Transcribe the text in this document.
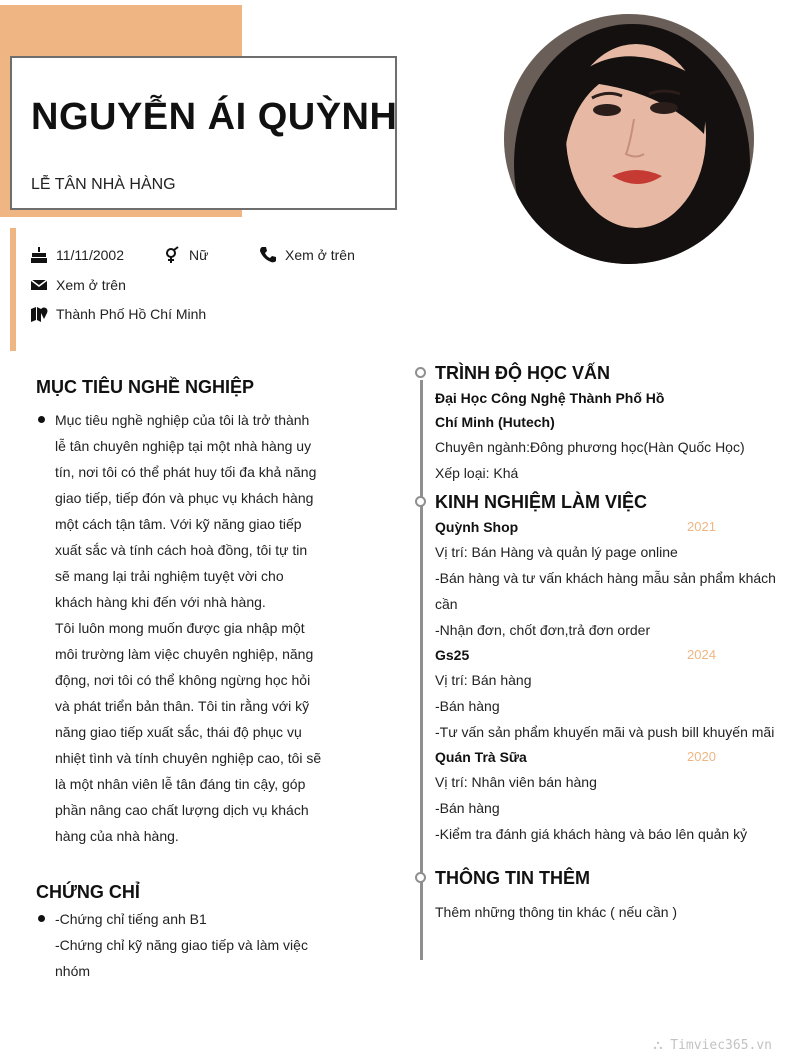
NGUYỄN ÁI QUỲNH
LỄ TÂN NHÀ HÀNG
11/11/2002	Nữ	Xem ở trên
Xem ở trên
Thành Phố Hồ Chí Minh
MỤC TIÊU NGHỀ NGHIỆP
Mục tiêu nghề nghiệp của tôi là trở thành
lễ tân chuyên nghiệp tại một nhà hàng uy
tín, nơi tôi có thể phát huy tối đa khả năng
giao tiếp, tiếp đón và phục vụ khách hàng
một cách tận tâm. Với kỹ năng giao tiếp
xuất sắc và tính cách hoà đồng, tôi tự tin
sẽ mang lại trải nghiệm tuyệt vời cho
khách hàng khi đến với nhà hàng.
Tôi luôn mong muốn được gia nhập một
môi trường làm việc chuyên nghiệp, năng
động, nơi tôi có thể không ngừng học hỏi
và phát triển bản thân. Tôi tin rằng với kỹ
năng giao tiếp xuất sắc, thái độ phục vụ
nhiệt tình và tính chuyên nghiệp cao, tôi sẽ
là một nhân viên lễ tân đáng tin cậy, góp
phần nâng cao chất lượng dịch vụ khách
hàng của nhà hàng.
CHỨNG CHỈ
-Chứng chỉ tiếng anh B1
-Chứng chỉ kỹ năng giao tiếp và làm việc
nhóm
TRÌNH ĐỘ HỌC VẤN
Đại Học Công Nghệ Thành Phố Hồ
Chí Minh (Hutech)
Chuyên ngành:Đông phương học(Hàn Quốc Học)
Xếp loại: Khá
KINH NGHIỆM LÀM VIỆC
Quỳnh Shop	2021
Vị trí: Bán Hàng và quản lý page online
-Bán hàng và tư vấn khách hàng mẫu sản phẩm khách
cần
-Nhận đơn, chốt đơn,trả đơn order
Gs25	2024
Vị trí: Bán hàng
-Bán hàng
-Tư vấn sản phẩm khuyến mãi và push bill khuyến mãi
Quán Trà Sữa	2020
Vị trí: Nhân viên bán hàng
-Bán hàng
-Kiểm tra đánh giá khách hàng và báo lên quản kỷ
THÔNG TIN THÊM
Thêm những thông tin khác ( nếu cần )
⛬ Timviec365.vn
